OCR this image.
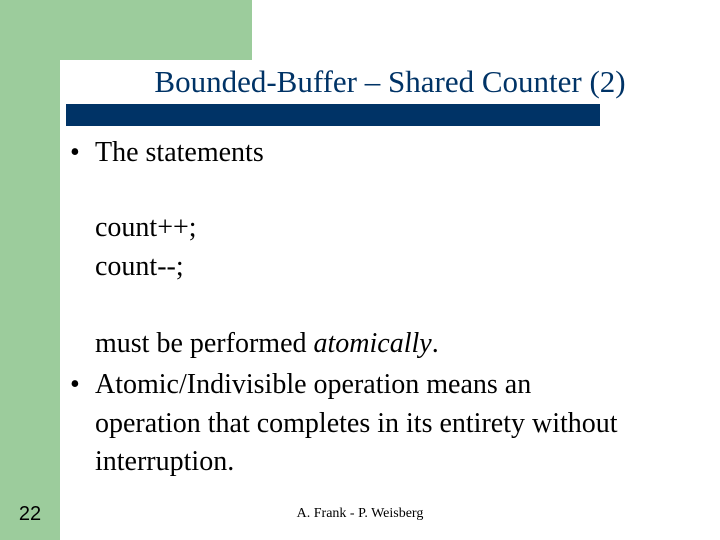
Bounded-Buffer – Shared Counter (2)
• The statements
count++;
count--;
must be performed atomically.
• Atomic/Indivisible operation means an
operation that completes in its entirety without
interruption.
22	A. Frank - P. Weisberg
